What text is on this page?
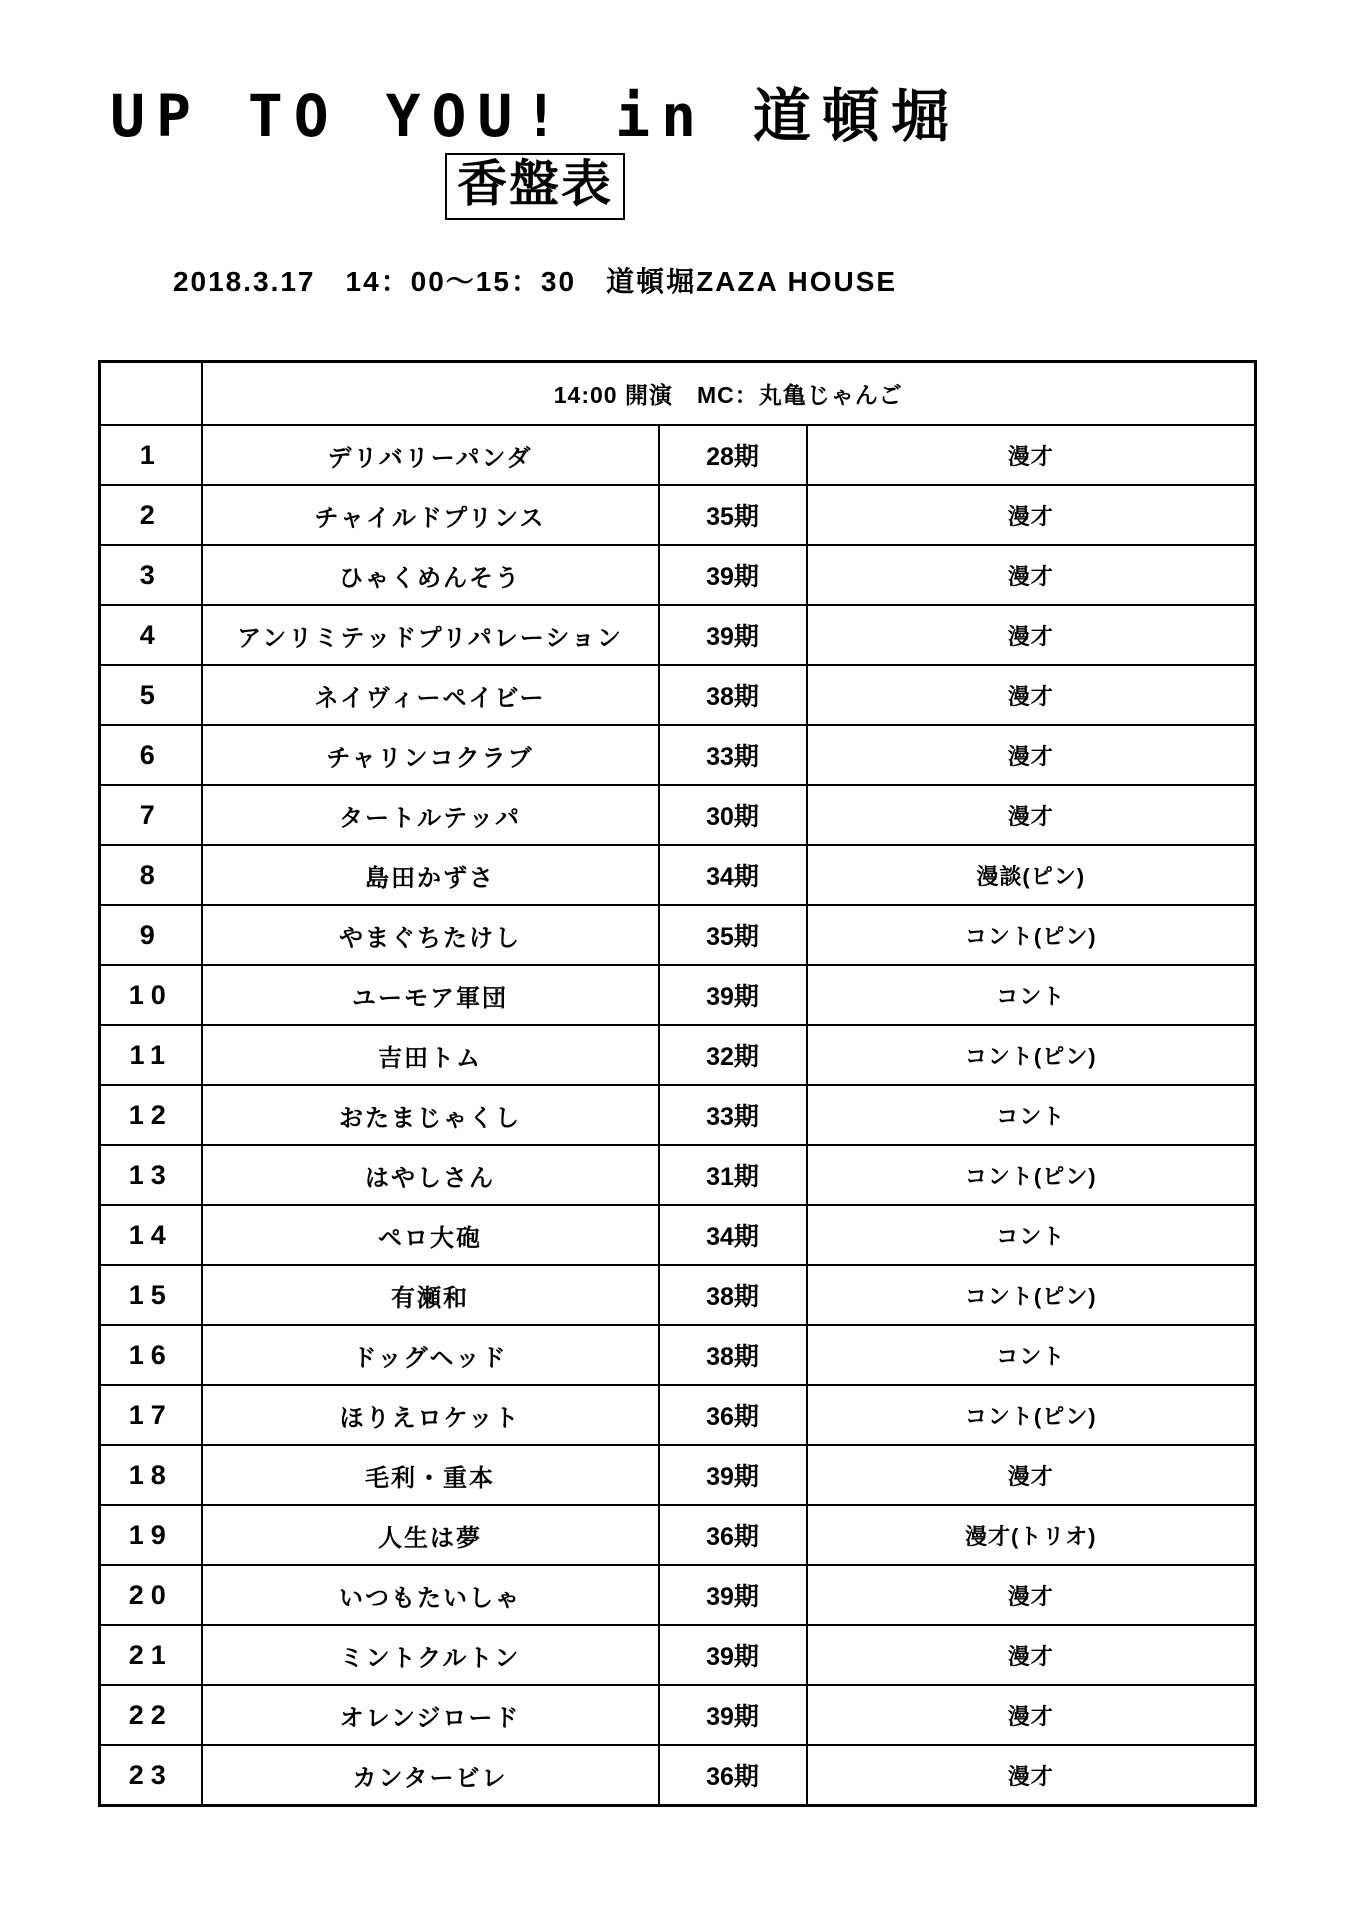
UP TO YOU! in 道頓堀
香盤表
2018.3.17　14：00～15：30　道頓堀ZAZA HOUSE
	14:00 開演　MC：丸亀じゃんご		
1	デリバリーパンダ	28期	漫才
2	チャイルドプリンス	35期	漫才
3	ひゃくめんそう	39期	漫才
4	アンリミテッドプリパレーション	39期	漫才
5	ネイヴィーペイビー	38期	漫才
6	チャリンコクラブ	33期	漫才
7	タートルテッパ	30期	漫才
8	島田かずさ	34期	漫談(ピン)
9	やまぐちたけし	35期	コント(ピン)
10	ユーモア軍団	39期	コント
11	吉田トム	32期	コント(ピン)
12	おたまじゃくし	33期	コント
13	はやしさん	31期	コント(ピン)
14	ペロ大砲	34期	コント
15	有瀬和	38期	コント(ピン)
16	ドッグヘッド	38期	コント
17	ほりえロケット	36期	コント(ピン)
18	毛利・重本	39期	漫才
19	人生は夢	36期	漫才(トリオ)
20	いつもたいしゃ	39期	漫才
21	ミントクルトン	39期	漫才
22	オレンジロード	39期	漫才
23	カンタービレ	36期	漫才
